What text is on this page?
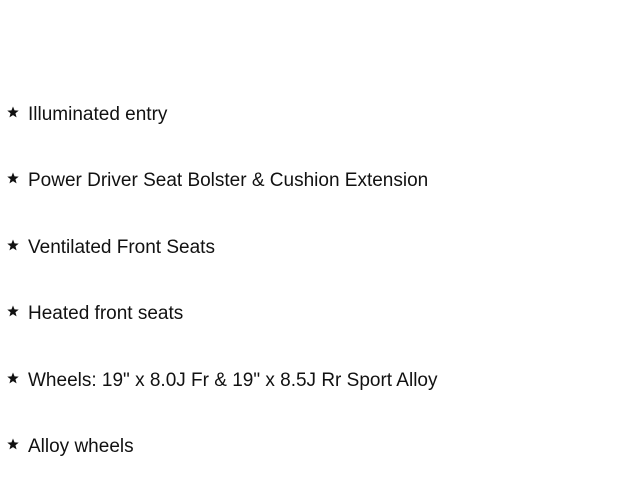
Illuminated entry
Power Driver Seat Bolster & Cushion Extension
Ventilated Front Seats
Heated front seats
Wheels: 19" x 8.0J Fr & 19" x 8.5J Rr Sport Alloy
Alloy wheels
